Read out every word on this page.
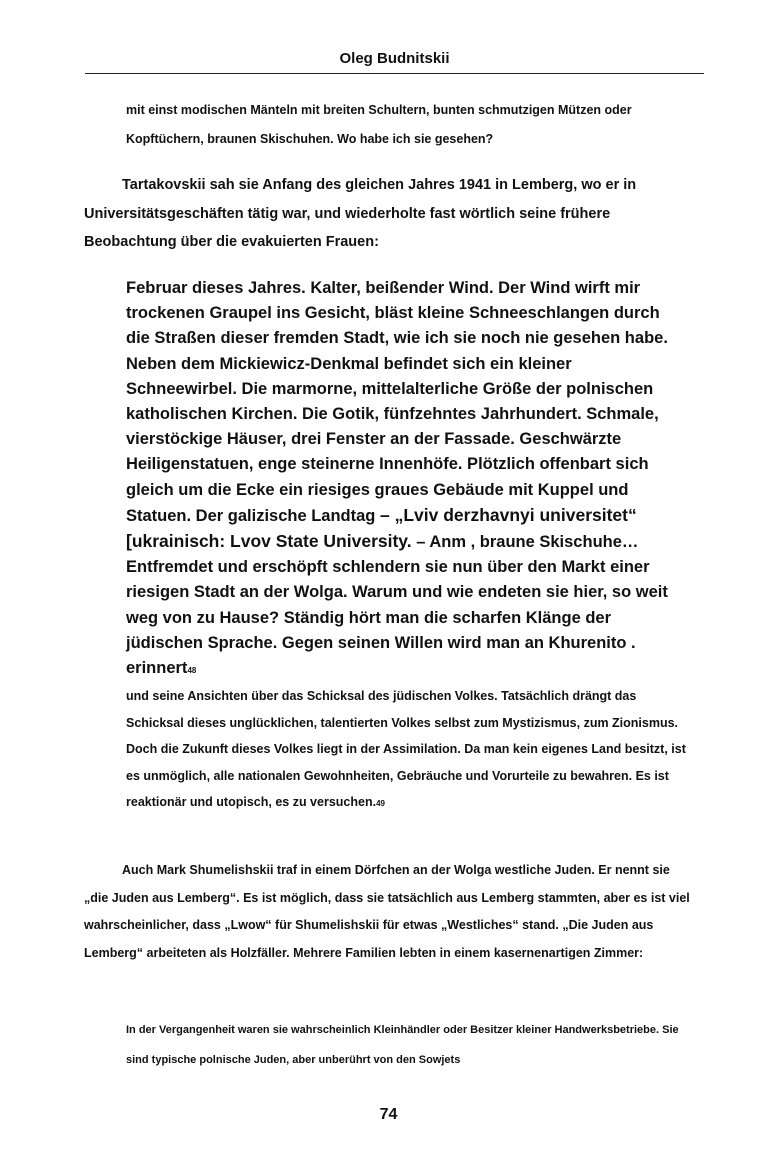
Oleg Budnitskii

mit einst modischen Mänteln mit breiten Schultern, bunten schmutzigen Mützen oder Kopftüchern, braunen Skischuhen. Wo habe ich sie gesehen?

Tartakovskii sah sie Anfang des gleichen Jahres 1941 in Lemberg, wo er in Universitätsgeschäften tätig war, und wiederholte fast wörtlich seine frühere Beobachtung über die evakuierten Frauen:

Februar dieses Jahres. Kalter, beißender Wind. Der Wind wirft mir trockenen Graupel ins Gesicht, bläst kleine Schneeschlangen durch die Straßen dieser fremden Stadt, wie ich sie noch nie gesehen habe. Neben dem Mickiewicz-Denkmal befindet sich ein kleiner Schneewirbel. Die marmorne, mittelalterliche Größe der polnischen katholischen Kirchen. Die Gotik, fünfzehntes Jahrhundert. Schmale, vierstöckige Häuser, drei Fenster an der Fassade. Geschwärzte Heiligenstatuen, enge steinerne Innenhöfe. Plötzlich offenbart sich gleich um die Ecke ein riesiges graues Gebäude mit Kuppel und Statuen. Der galizische Landtag – „Lviv derzhavnyi universitet“ [ukrainisch: Lvov State University. – Anm , braune Skischuhe… Entfremdet und erschöpft schlendern sie nun über den Markt einer riesigen Stadt an der Wolga. Warum und wie endeten sie hier, so weit weg von zu Hause? Ständig hört man die scharfen Klänge der jüdischen Sprache. Gegen seinen Willen wird man an Khurenito . erinnert48
und seine Ansichten über das Schicksal des jüdischen Volkes. Tatsächlich drängt das Schicksal dieses unglücklichen, talentierten Volkes selbst zum Mystizismus, zum Zionismus. Doch die Zukunft dieses Volkes liegt in der Assimilation. Da man kein eigenes Land besitzt, ist es unmöglich, alle nationalen Gewohnheiten, Gebräuche und Vorurteile zu bewahren. Es ist reaktionär und utopisch, es zu versuchen.49

Auch Mark Shumelishskii traf in einem Dörfchen an der Wolga westliche Juden. Er nennt sie „die Juden aus Lemberg“. Es ist möglich, dass sie tatsächlich aus Lemberg stammten, aber es ist viel wahrscheinlicher, dass „Lwow“ für Shumelishskii für etwas „Westliches“ stand. „Die Juden aus Lemberg“ arbeiteten als Holzfäller. Mehrere Familien lebten in einem kasernenartigen Zimmer:

In der Vergangenheit waren sie wahrscheinlich Kleinhändler oder Besitzer kleiner Handwerksbetriebe. Sie sind typische polnische Juden, aber unberührt von den Sowjets

74
